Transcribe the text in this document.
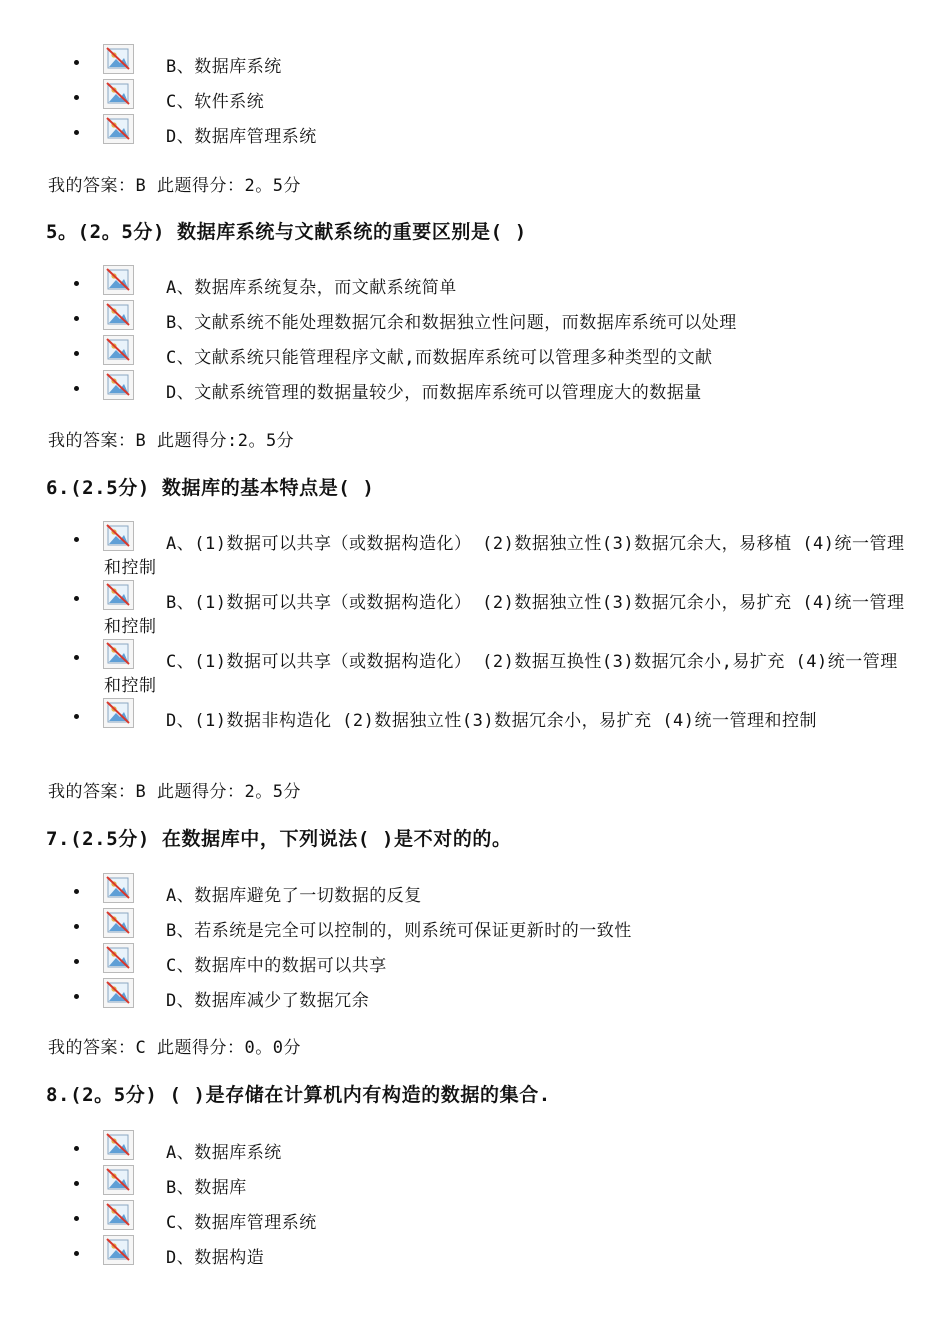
B、数据库系统
C、软件系统
D、数据库管理系统
我的答案：B 此题得分：2。5分
5。(2。5分) 数据库系统与文献系统的重要区别是( )
A、数据库系统复杂，而文献系统简单
B、文献系统不能处理数据冗余和数据独立性问题，而数据库系统可以处理
C、文献系统只能管理程序文献,而数据库系统可以管理多种类型的文献
D、文献系统管理的数据量较少，而数据库系统可以管理庞大的数据量
我的答案：B 此题得分:2。5分
6.(2.5分) 数据库的基本特点是( )
A、(1)数据可以共享（或数据构造化） (2)数据独立性(3)数据冗余大，易移植 (4)统一管理和控制
B、(1)数据可以共享（或数据构造化） (2)数据独立性(3)数据冗余小，易扩充 (4)统一管理和控制
C、(1)数据可以共享（或数据构造化） (2)数据互换性(3)数据冗余小,易扩充 (4)统一管理和控制
D、(1)数据非构造化 (2)数据独立性(3)数据冗余小，易扩充 (4)统一管理和控制
我的答案：B 此题得分：2。5分
7.(2.5分) 在数据库中，下列说法( )是不对的的。
A、数据库避免了一切数据的反复
B、若系统是完全可以控制的，则系统可保证更新时的一致性
C、数据库中的数据可以共享
D、数据库减少了数据冗余
我的答案：C 此题得分：0。0分
8.(2。5分) ( )是存储在计算机内有构造的数据的集合.
A、数据库系统
B、数据库
C、数据库管理系统
D、数据构造
